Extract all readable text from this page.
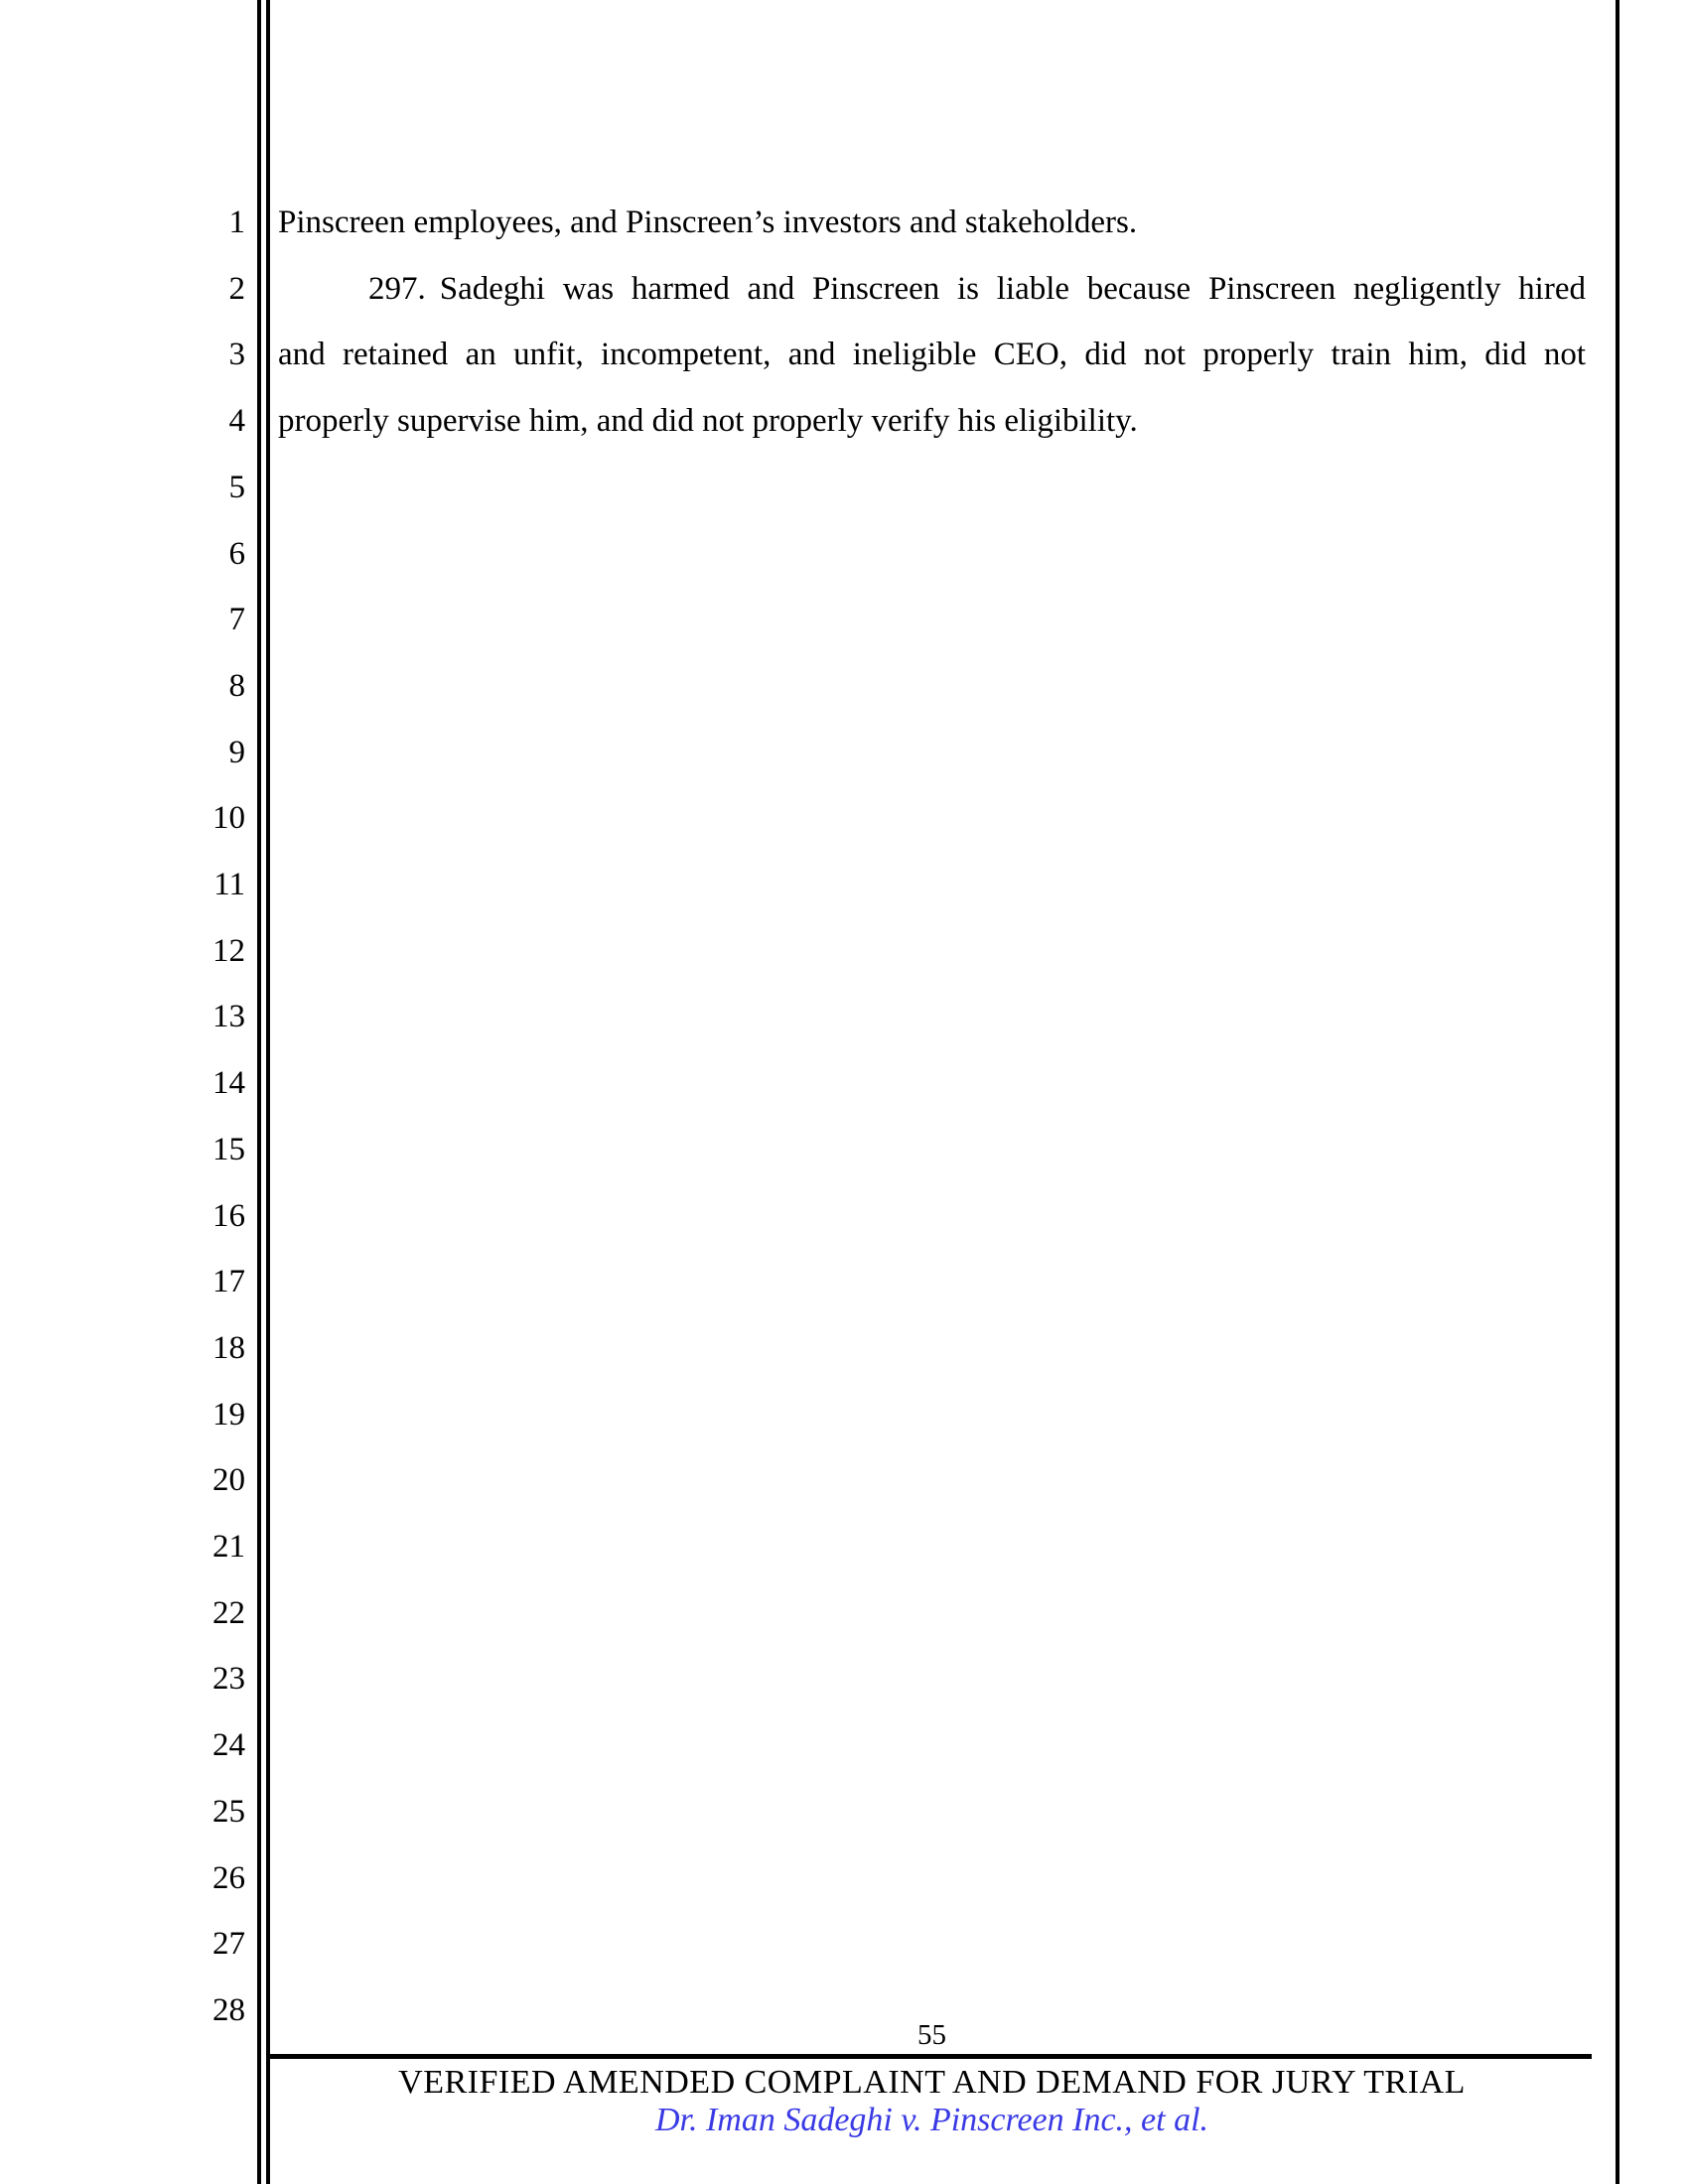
1
2
3
4
5
6
7
8
9
10
11
12
13
14
15
16
17
18
19
20
21
22
23
24
25
26
27
28
Pinscreen employees, and Pinscreen’s investors and stakeholders.
297. Sadeghi was harmed and Pinscreen is liable because Pinscreen negligently hired
and retained an unfit, incompetent, and ineligible CEO, did not properly train him, did not
properly supervise him, and did not properly verify his eligibility.
55
VERIFIED AMENDED COMPLAINT AND DEMAND FOR JURY TRIAL
Dr. Iman Sadeghi v. Pinscreen Inc., et al.
